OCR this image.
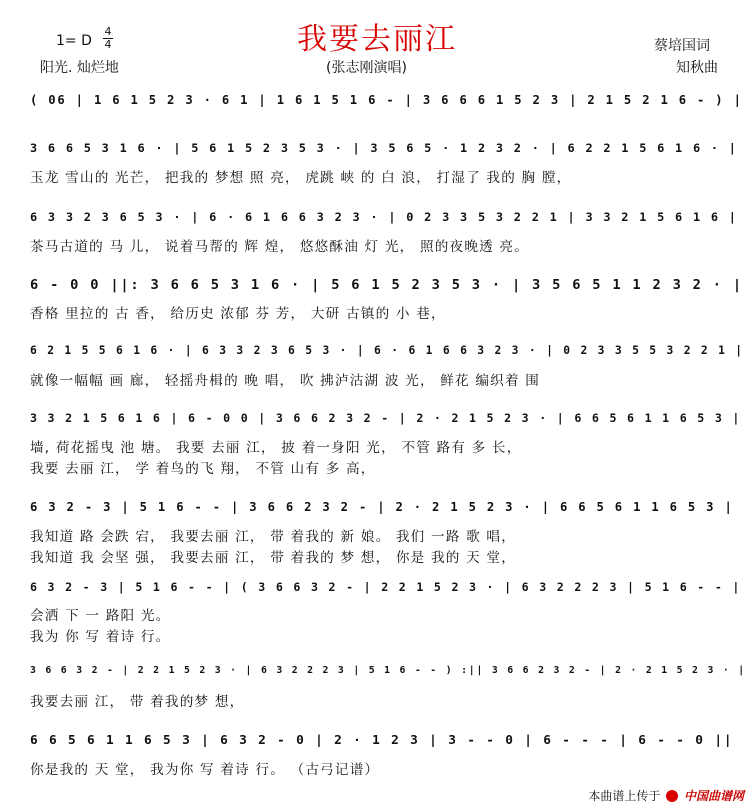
我要去丽江
1= D
4
4
阳光. 灿烂地	(张志刚演唱)
蔡培国词
知秋曲
( 06 | 1 6 1 5 2 3 · 6 1 | 1 6 1 5 1 6 - | 3 6 6 6 1 5 2 3 | 2 1 5 2 1 6 - ) |
3 6 6 5 3 1 6 · | 5 6 1 5 2 3 5 3 · | 3 5 6 5 · 1 2 3 2 · | 6 2 2 1 5 6 1 6 · |
玉龙 雪山的 光芒， 把我的 梦想 照 亮， 虎跳 峡 的 白 浪， 打湿了 我的 胸 膛，
6 3 3 2 3 6 5 3 · | 6 · 6 1 6 6 3 2 3 · | 0 2 3 3 5 3 2 2 1 | 3 3 2 1 5 6 1 6 |
茶马古道的 马 儿， 说着马帮的 辉 煌， 悠悠酥油 灯 光， 照的夜晚透 亮。
6 - 0 0 ||: 3 6 6 5 3 1 6 · | 5 6 1 5 2 3 5 3 · | 3 5 6 5 1 1 2 3 2 · |
香格 里拉的 古 香， 给历史 浓郁 芬 芳， 大研 古镇的 小 巷，
6 2 1 5 5 6 1 6 · | 6 3 3 2 3 6 5 3 · | 6 · 6 1 6 6 3 2 3 · | 0 2 3 3 5 5 3 2 2 1 |
就像一幅幅 画 廊， 轻摇舟楫的 晚 唱， 吹 拂泸沽湖 波 光， 鲜花 编织着 围
3 3 2 1 5 6 1 6 | 6 - 0 0 | 3 6 6 2 3 2 - | 2 · 2 1 5 2 3 · | 6 6 5 6 1 1 6 5 3 |
墙, 荷花摇曳 池 塘。 我要 去丽 江， 披 着一身阳 光， 不管 路有 多 长，
我要 去丽 江， 学 着鸟的飞 翔， 不管 山有 多 高，
6 3 2 - 3 | 5 1 6 - - | 3 6 6 2 3 2 - | 2 · 2 1 5 2 3 · | 6 6 5 6 1 1 6 5 3 |
我知道 路 会跌 宕， 我要去丽 江， 带 着我的 新 娘。 我们 一路 歌 唱，
我知道 我 会坚 强， 我要去丽 江， 带 着我的 梦 想， 你是 我的 天 堂，
6 3 2 - 3 | 5 1 6 - - | ( 3 6 6 3 2 - | 2 2 1 5 2 3 · | 6 3 2 2 2 3 | 5 1 6 - - |
会洒 下 一 路阳 光。
我为 你 写 着诗 行。
3 6 6 3 2 - | 2 2 1 5 2 3 · | 6 3 2 2 2 3 | 5 1 6 - - ) :|| 3 6 6 2 3 2 - | 2 · 2 1 5 2 3 · |
我要去丽 江， 带 着我的梦 想，
6 6 5 6 1 1 6 5 3 | 6 3 2 - 0 | 2 · 1 2 3 | 3 - - 0 | 6 - - - | 6 - - 0 ||
你是我的 天 堂， 我为你 写 着诗 行。 （古弓记谱）
本曲谱上传于 中国曲谱网
